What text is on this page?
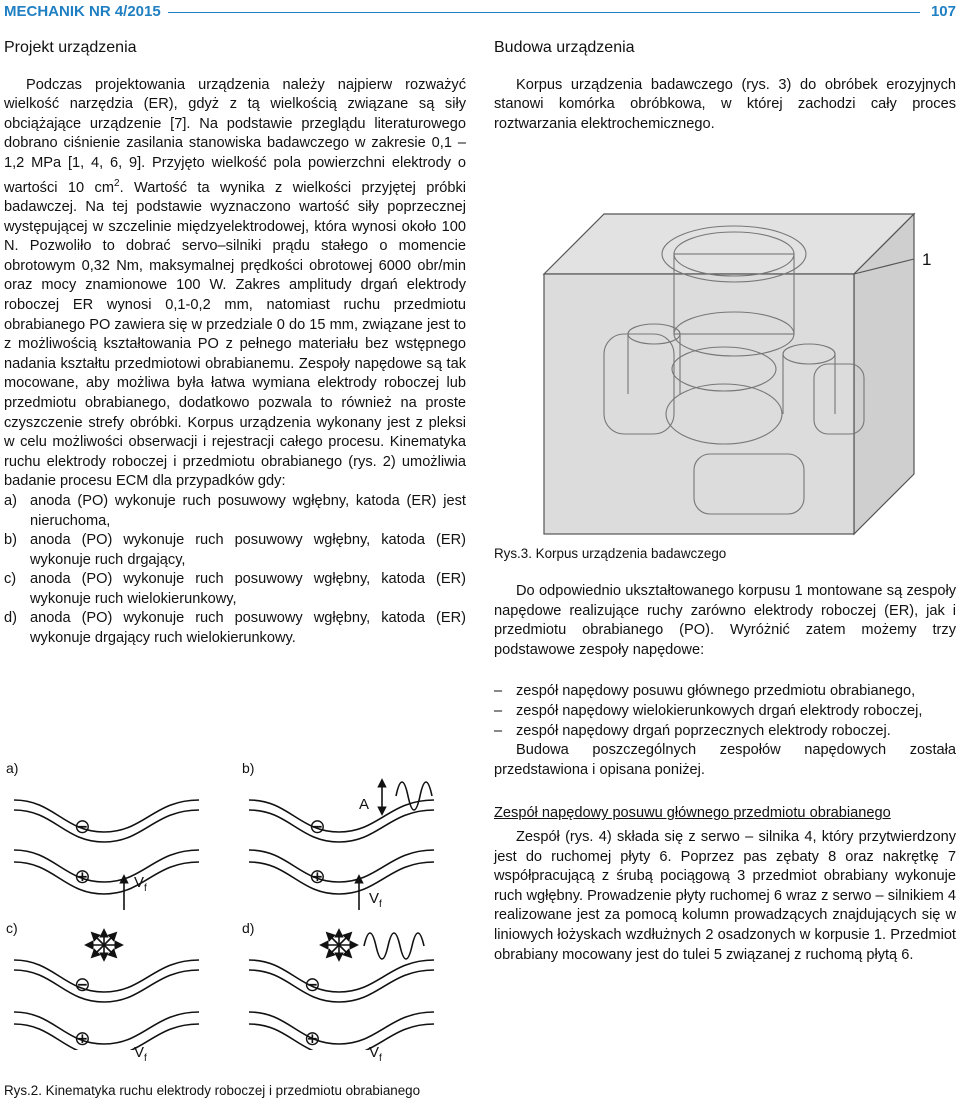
MECHANIK NR 4/2015	107
Projekt urządzenia

Podczas projektowania urządzenia należy najpierw rozważyć wielkość narzędzia (ER), gdyż z tą wielkością związane są siły obciążające urządzenie [7]. Na podstawie przeglądu literaturowego dobrano ciśnienie zasilania stanowiska badawczego w zakresie 0,1 – 1,2 MPa [1, 4, 6, 9]. Przyjęto wielkość pola powierzchni elektrody o wartości 10 $cm^2$. Wartość ta wynika z wielkości przyjętej próbki badawczej. Na tej podstawie wyznaczono wartość siły poprzecznej występującej w szczelinie międzyelektrodowej, która wynosi około 100 N. Pozwoliło to dobrać servo–silniki prądu stałego o momencie obrotowym 0,32 Nm, maksymalnej prędkości obrotowej 6000 obr/min oraz mocy znamionowe 100 W. Zakres amplitudy drgań elektrody roboczej ER wynosi 0,1-0,2 mm, natomiast ruchu przedmiotu obrabianego PO zawiera się w przedziale 0 do 15 mm, związane jest to z możliwością kształtowania PO z pełnego materiału bez wstępnego nadania kształtu przedmiotowi obrabianemu. Zespoły napędowe są tak mocowane, aby możliwa była łatwa wymiana elektrody roboczej lub przedmiotu obrabianego, dodatkowo pozwala to również na proste czyszczenie strefy obróbki. Korpus urządzenia wykonany jest z pleksi w celu możliwości obserwacji i rejestracji całego procesu. Kinematyka ruchu elektrody roboczej i przedmiotu obrabianego (rys. 2) umożliwia badanie procesu ECM dla przypadków gdy:

a) anoda (PO) wykonuje ruch posuwowy wgłębny, katoda (ER) jest nieruchoma,
b) anoda (PO) wykonuje ruch posuwowy wgłębny, katoda (ER) wykonuje ruch drgający,
c) anoda (PO) wykonuje ruch posuwowy wgłębny, katoda (ER) wykonuje ruch wielokierunkowy,
d) anoda (PO) wykonuje ruch posuwowy wgłębny, katoda (ER) wykonuje drgający ruch wielokierunkowy.
a)	b)
c)	d)
⊖
⊕	$V_f$
⊖
⊕
A
$V_f$
⊖
⊕
$V_f$
⊖
⊕
$V_f$
Rys.2. Kinematyka ruchu elektrody roboczej i przedmiotu obrabianego
Budowa urządzenia

Korpus urządzenia badawczego (rys. 3) do obróbek erozyjnych stanowi komórka obróbkowa, w której zachodzi cały proces roztwarzania elektrochemicznego.

1
Rys.3. Korpus urządzenia badawczego

Do odpowiednio ukształtowanego korpusu 1 montowane są zespoły napędowe realizujące ruchy zarówno elektrody roboczej (ER), jak i przedmiotu obrabianego (PO). Wyróżnić zatem możemy trzy podstawowe zespoły napędowe:

– zespół napędowy posuwu głównego przedmiotu obrabianego,
– zespół napędowy wielokierunkowych drgań elektrody roboczej,
– zespół napędowy drgań poprzecznych elektrody roboczej.

Budowa poszczególnych zespołów napędowych została przedstawiona i opisana poniżej.

Zespół napędowy posuwu głównego przedmiotu obrabianego

Zespół (rys. 4) składa się z serwo – silnika 4, który przytwierdzony jest do ruchomej płyty 6. Poprzez pas zębaty 8 oraz nakrętkę 7 współpracującą z śrubą pociągową 3 przedmiot obrabiany wykonuje ruch wgłębny. Prowadzenie płyty ruchomej 6 wraz z serwo – silnikiem 4 realizowane jest za pomocą kolumn prowadzących znajdujących się w liniowych łożyskach wzdłużnych 2 osadzonych w korpusie 1. Przedmiot obrabiany mocowany jest do tulei 5 związanej z ruchomą płytą 6.
